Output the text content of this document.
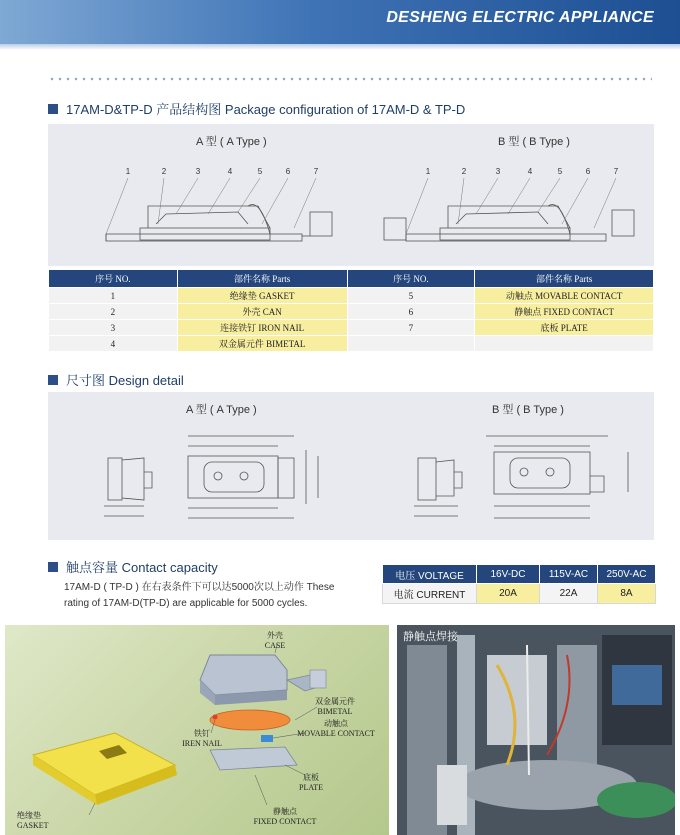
DESHENG ELECTRIC APPLIANCE
17AM-D&TP-D 产品结构图 Package configuration of 17AM-D & TP-D
A 型 ( A Type )	B 型 ( B Type )
1	2	3	4	5	6	7	1	2	3	4	5	6	7
序号 NO.	部件名称 Parts	序号 NO.	部件名称 Parts
1	绝缘垫 GASKET	5	动触点 MOVABLE CONTACT
2	外壳 CAN	6	静触点 FIXED CONTACT
3	连接铁钉 IRON NAIL	7	底板 PLATE
4	双金属元件 BIMETAL		
尺寸图 Design detail
A 型 ( A Type )	B 型 ( B Type )
触点容量 Contact capacity
17AM-D ( TP-D ) 在右表条件下可以达5000次以上动作 These
rating of 17AM-D(TP-D) are applicable for 5000 cycles.
电压 VOLTAGE	16V-DC	115V-AC	250V-AC
电流 CURRENT	20A	22A	8A
外壳
CASE
双金属元件
BIMETAL
动触点
MOVABLE CONTACT
铁钉
IREN NAIL
底板
PLATE
绝缘垫
GASKET
静触点
FIXED CONTACT
静触点焊接
